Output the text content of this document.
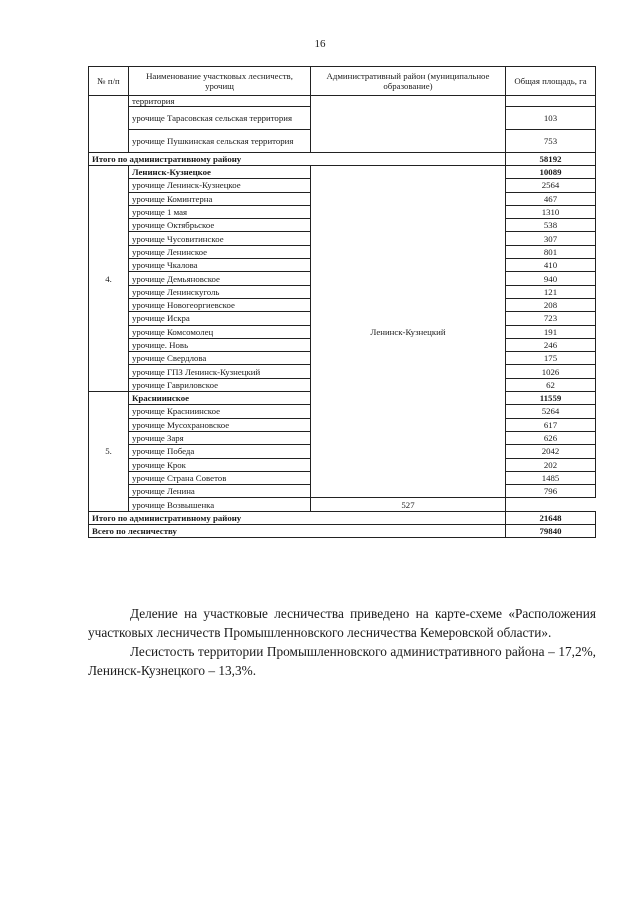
16
№ п/п	Наименование участковых лесничеств, урочищ	Административный район (муниципальное образование)	Общая площадь, га
	территория		
	урочище Тарасовская сельская территория		103
	урочище Пушкинская сельская территория		753
Итого по административному району			58192
4.	Ленинск-Кузнецкое	Ленинск-Кузнецкий	10089
	урочище Ленинск-Кузнецкое		2564
	урочище Коминтерна		467
	урочище 1 мая		1310
	урочище Октябрьское		538
	урочище Чусовитинское		307
	урочище Ленинское		801
	урочище Чкалова		410
	урочище Демьяновское		940
	урочище Ленинскуголь		121
	урочище Новогеоргиевское		208
	урочище Искра		723
	урочище Комсомолец		191
	урочище. Новь		246
	урочище Свердлова		175
	урочище ГПЗ Ленинск-Кузнецкий		1026
	урочище Гавриловское		62
5.	Красниинское		11559
	урочище Красниинское		5264
	урочище Мусохрановское		617
	урочище Заря		626
	урочище Победа		2042
	урочище Крок		202
	урочище Страна Советов		1485
	урочище Ленина		796
	урочище Возвышенка	527	
Итого по административному району			21648
Всего по лесничеству			79840

Деление на участковые лесничества приведено на карте-схеме «Расположения участковых лесничеств Промышленновского лесничества Кемеровской области».

Лесистость территории Промышленновского административного района – 17,2%, Ленинск-Кузнецкого – 13,3%.
